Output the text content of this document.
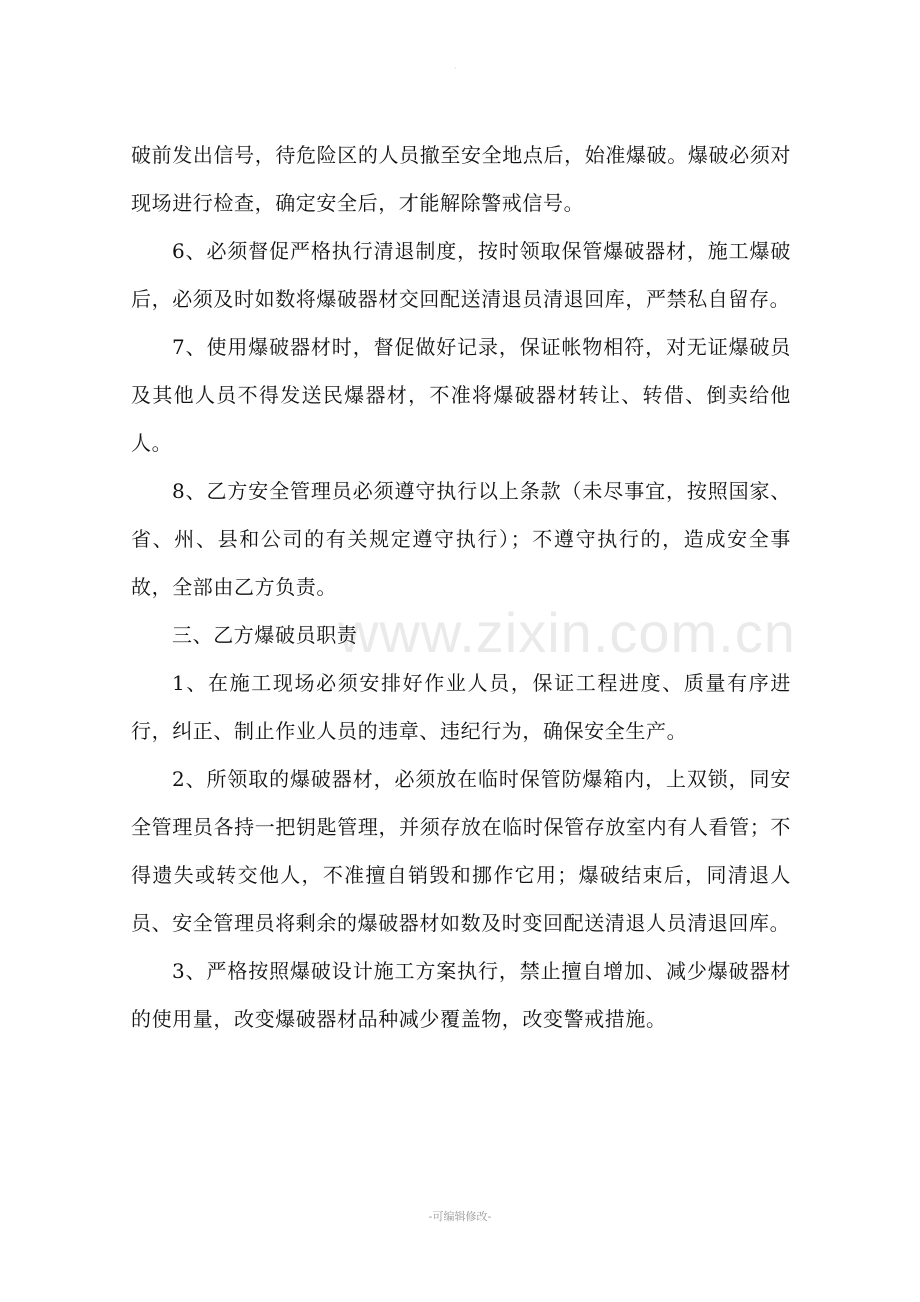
·

破前发出信号，待危险区的人员撤至安全地点后，始准爆破。爆破必须对现场进行检查，确定安全后，才能解除警戒信号。

6、必须督促严格执行清退制度，按时领取保管爆破器材，施工爆破后，必须及时如数将爆破器材交回配送清退员清退回库，严禁私自留存。

7、使用爆破器材时，督促做好记录，保证帐物相符，对无证爆破员及其他人员不得发送民爆器材，不准将爆破器材转让、转借、倒卖给他人。

8、乙方安全管理员必须遵守执行以上条款（未尽事宜，按照国家、省、州、县和公司的有关规定遵守执行）；不遵守执行的，造成安全事故，全部由乙方负责。

三、乙方爆破员职责

1、在施工现场必须安排好作业人员，保证工程进度、质量有序进行，纠正、制止作业人员的违章、违纪行为，确保安全生产。

2、所领取的爆破器材，必须放在临时保管防爆箱内，上双锁，同安全管理员各持一把钥匙管理，并须存放在临时保管存放室内有人看管；不得遗失或转交他人，不准擅自销毁和挪作它用；爆破结束后，同清退人员、安全管理员将剩余的爆破器材如数及时变回配送清退人员清退回库。

3、严格按照爆破设计施工方案执行，禁止擅自增加、减少爆破器材的使用量，改变爆破器材品种减少覆盖物，改变警戒措施。

www.zixin.com.cn
-可编辑修改-
